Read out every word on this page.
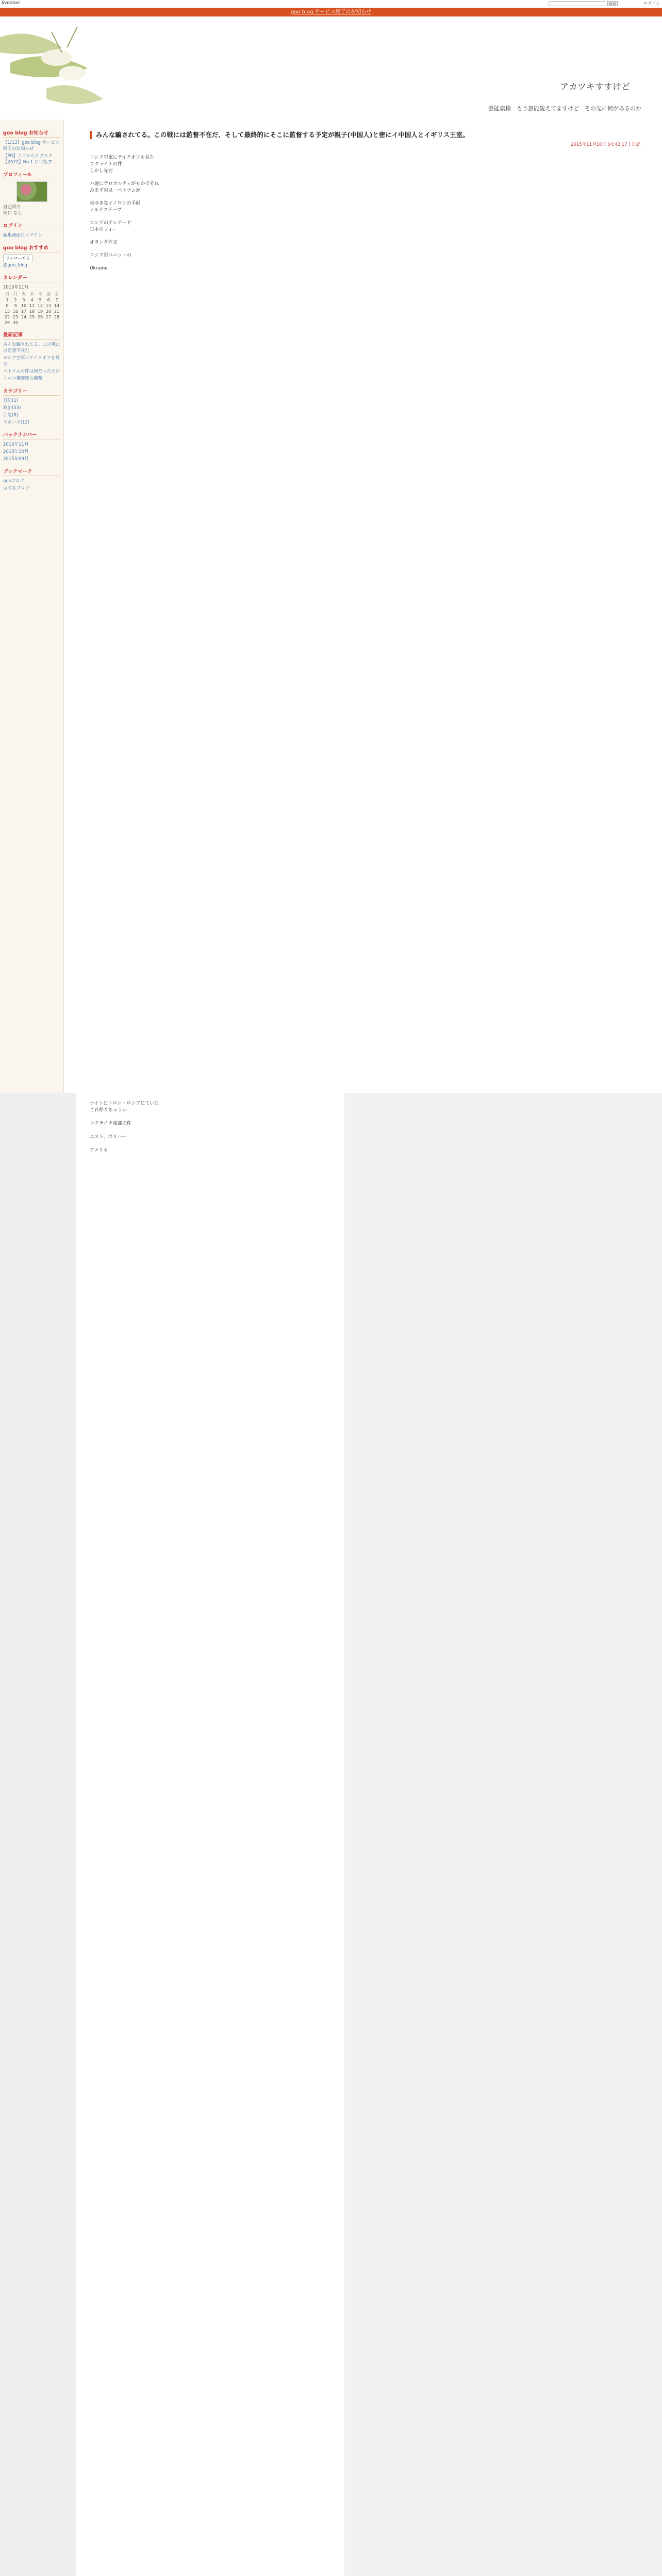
livedoor	検索	ログイン
goo blog サービス終了のお知らせ
アカツキすすけど
芸能旗槍　もう芸能観えてますけど　その先に何があるのか
goo blog お知らせ
【1/13】goo blog サービス終了のお知らせ
【PR】ここからサブスク【2022】No.1 に目指す
プロフィール
自己紹介
例に なし
ログイン
編集画面にログイン
goo blog おすすめ
フォローする
@goo_blog
カレンダー
2015年11月
日	月	火	水	木	金	土
1	2	3	4	5	6	7
8	9	10	11	12	13	14
15	16	17	18	19	20	21
22	23	24	25	26	27	28
29	30					
最新記事
みんな騙されてる。この戦には監督不在だ
ロシア空軍にテイクオフを見た
ベトナムの件は何だったのか
トルコ機撃墜の衝撃
カテゴリー
日記(1)
政治(33)
芸能(8)
スポーツ(12)
バックナンバー
2015年11月
2015年10月
2015年09月
ブックマーク
gooブログ
はてなブログ
みんな騙されてる。この戦には監督不在だ、そして最終的にそこに監督する予定が親子(中国人)と密にイ中国人とイギリス王室。
2015年11月10日 04:42:17 | 日記
ロシア空軍にテイクオフを見た
ウクライナの件
しかし先だ
ハ週にテロホルティがもかでそれ
みまず東は一ベトナムが
東ゆきなイノロンの手紙
ノルドステーブ
ロシアのテレテード
日本のフォー
オランダ外交
ロシア軍ユニットの
Ukraine
ナイトにトロン・ロシアにていた
これ帰りちゃうか
ウクライナ東部の件
エスト、ボリハー
アメリカ
